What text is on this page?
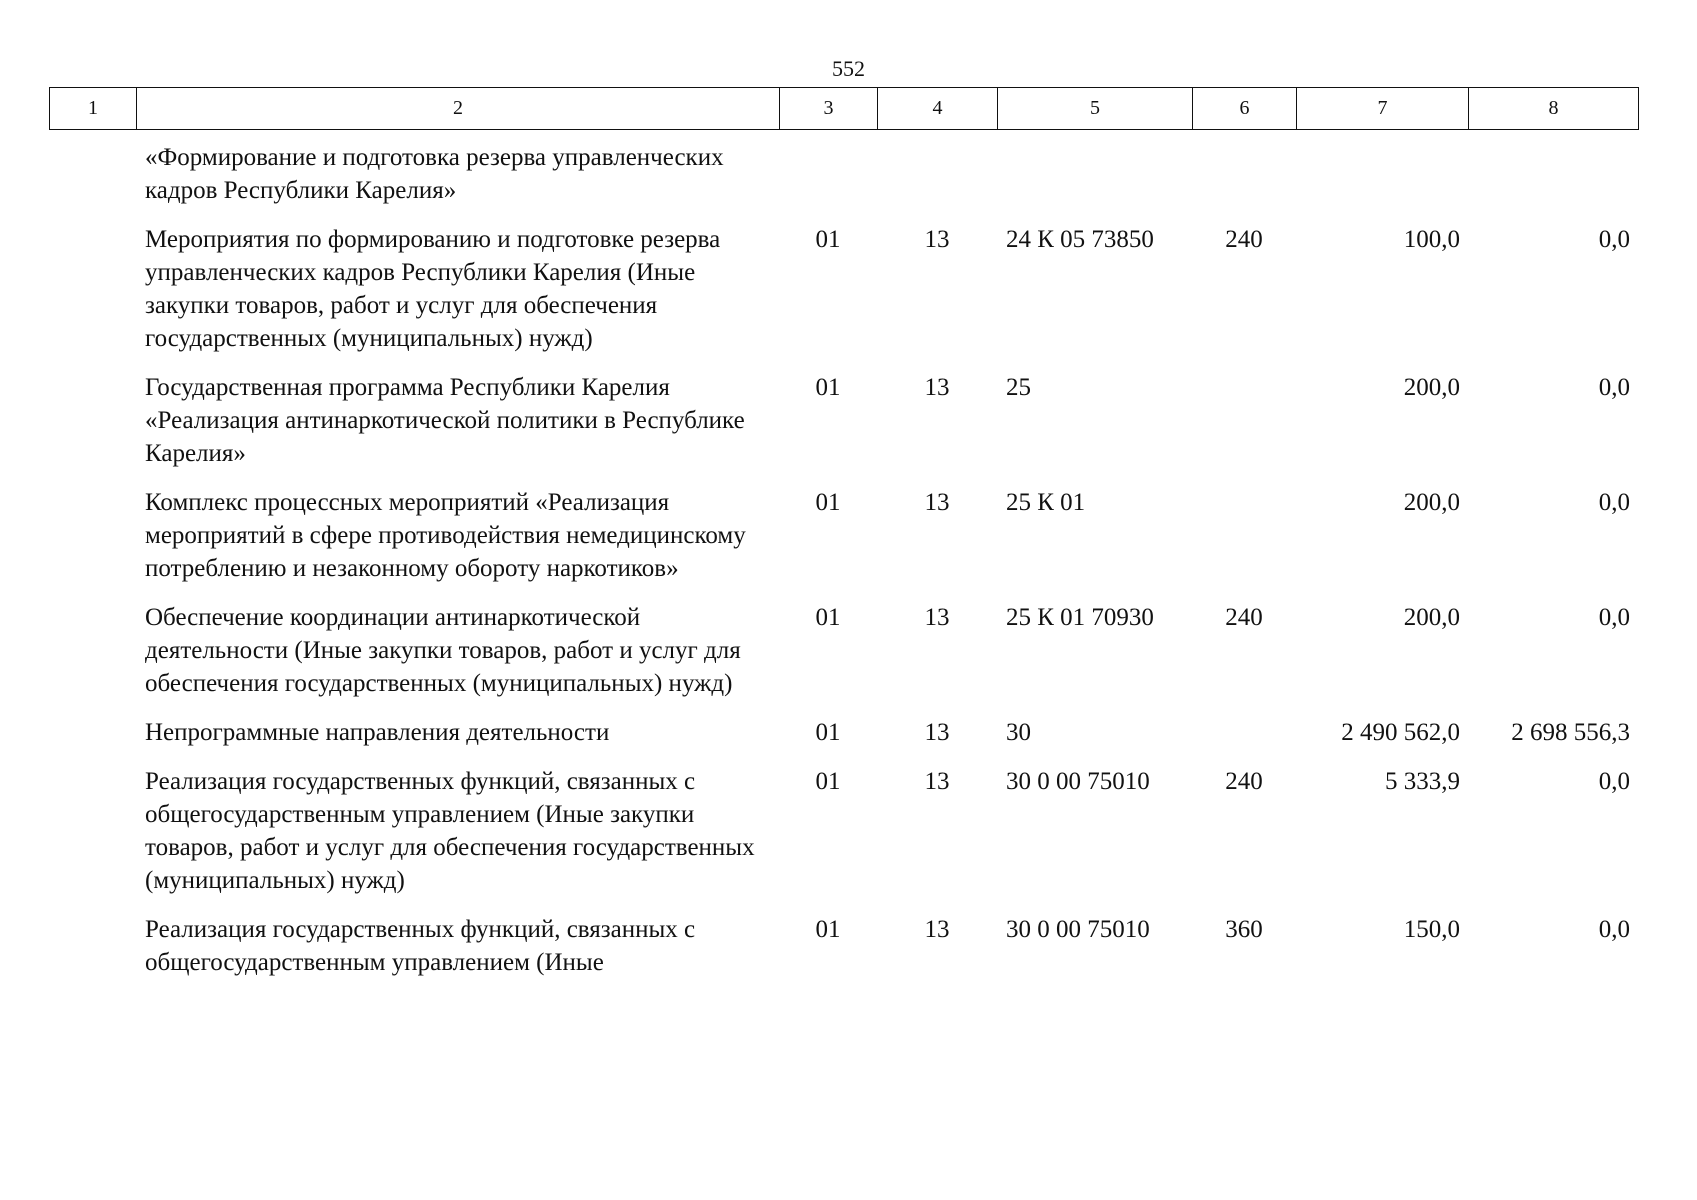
552
1	2	3	4	5	6	7	8
	«Формирование и подготовка резерва управленческих кадров Республики Карелия»						
	Мероприятия по формированию и подготовке резерва управленческих кадров Республики Карелия (Иные закупки товаров, работ и услуг для обеспечения государственных (муниципальных) нужд)	01	13	24 К 05 73850	240	100,0	0,0
	Государственная программа Республики Карелия «Реализация антинаркотической политики в Республике Карелия»	01	13	25		200,0	0,0
	Комплекс процессных мероприятий «Реализация мероприятий в сфере противодействия немедицинскому потреблению и незаконному обороту наркотиков»	01	13	25 К 01		200,0	0,0
	Обеспечение координации антинаркотической деятельности (Иные закупки товаров, работ и услуг для обеспечения государственных (муниципальных) нужд)	01	13	25 К 01 70930	240	200,0	0,0
	Непрограммные направления деятельности	01	13	30		2 490 562,0	2 698 556,3
	Реализация государственных функций, связанных с общегосударственным управлением (Иные закупки товаров, работ и услуг для обеспечения государственных (муниципальных) нужд)	01	13	30 0 00 75010	240	5 333,9	0,0
	Реализация государственных функций, связанных с общегосударственным управлением (Иные	01	13	30 0 00 75010	360	150,0	0,0
